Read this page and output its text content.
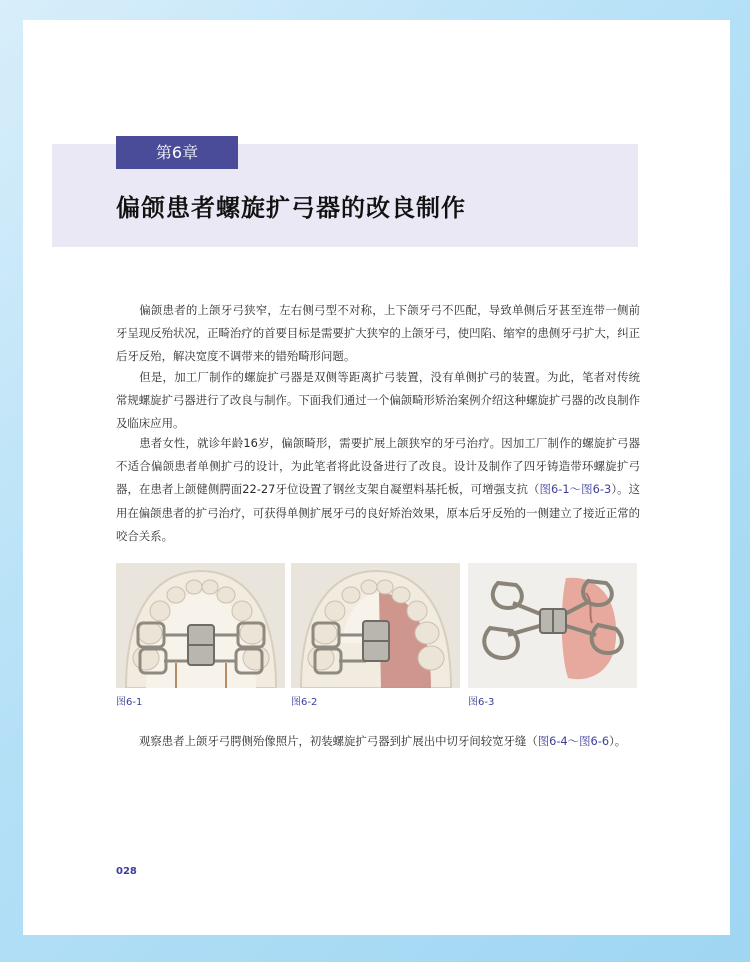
第6章
偏颌患者螺旋扩弓器的改良制作

偏颌患者的上颌牙弓狭窄，左右侧弓型不对称，上下颌牙弓不匹配，导致单侧后牙甚至连带一侧前牙呈现反殆状况，正畸治疗的首要目标是需要扩大狭窄的上颌牙弓，使凹陷、缩窄的患侧牙弓扩大，纠正后牙反殆，解决宽度不调带来的错殆畸形问题。

但是，加工厂制作的螺旋扩弓器是双侧等距离扩弓装置，没有单侧扩弓的装置。为此，笔者对传统常规螺旋扩弓器进行了改良与制作。下面我们通过一个偏颌畸形矫治案例介绍这种螺旋扩弓器的改良制作及临床应用。

患者女性，就诊年龄16岁，偏颌畸形，需要扩展上颌狭窄的牙弓治疗。因加工厂制作的螺旋扩弓器不适合偏颌患者单侧扩弓的设计，为此笔者将此设备进行了改良。设计及制作了四牙铸造带环螺旋扩弓器，在患者上颌健侧腭面22-27牙位设置了钢丝支架自凝塑料基托板，可增强支抗（图6-1～图6-3）。这用在偏颌患者的扩弓治疗，可获得单侧扩展牙弓的良好矫治效果，原本后牙反殆的一侧建立了接近正常的咬合关系。

图6-1	图6-2	图6-3

观察患者上颌牙弓腭侧殆像照片，初装螺旋扩弓器到扩展出中切牙间较宽牙缝（图6-4～图6-6）。

028
